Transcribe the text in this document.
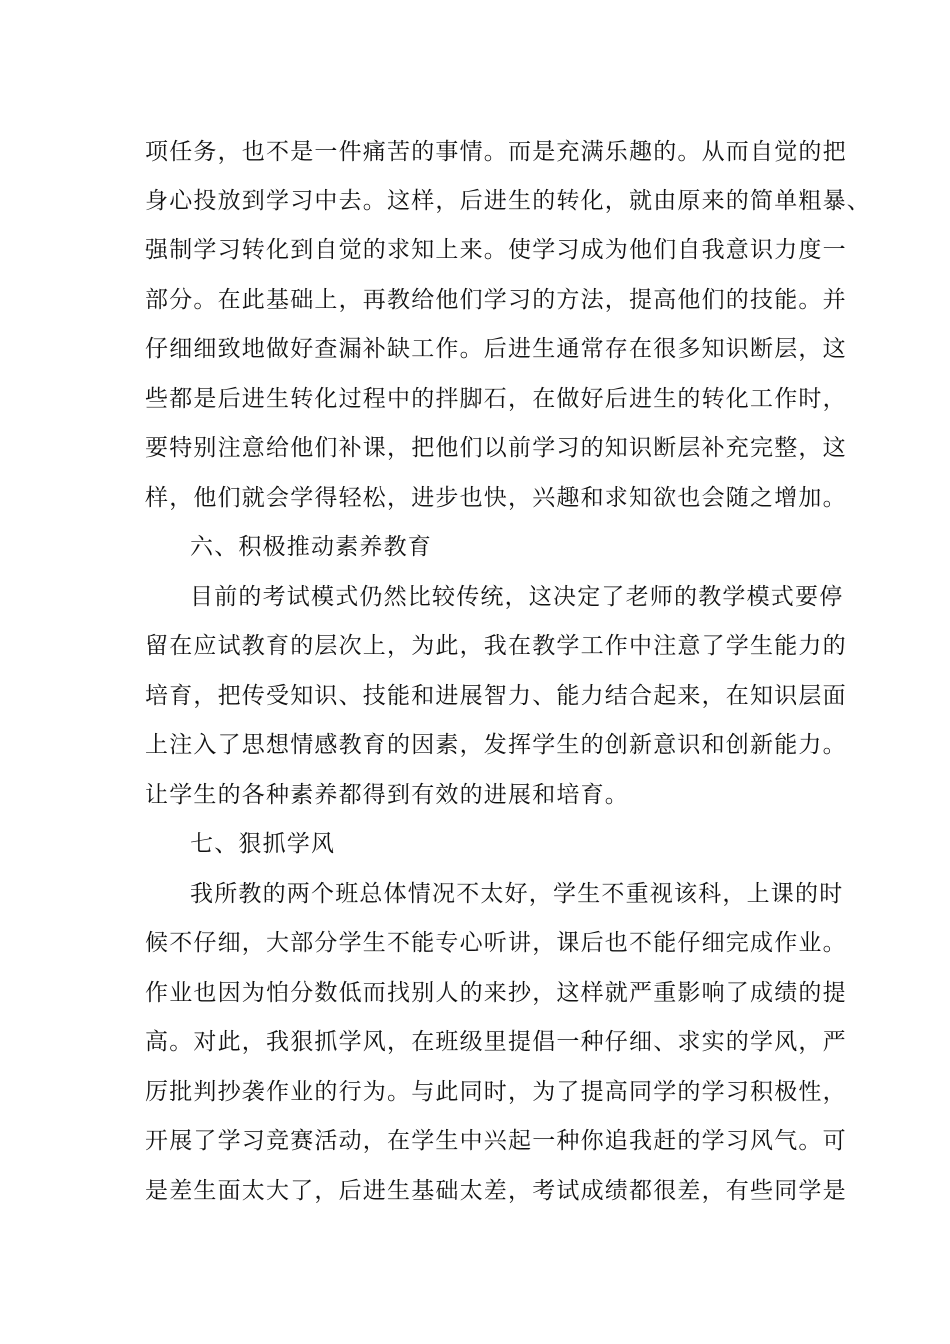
项任务，也不是一件痛苦的事情。而是充满乐趣的。从而自觉的把
身心投放到学习中去。这样，后进生的转化，就由原来的简单粗暴、
强制学习转化到自觉的求知上来。使学习成为他们自我意识力度一
部分。在此基础上，再教给他们学习的方法，提高他们的技能。并
仔细细致地做好查漏补缺工作。后进生通常存在很多知识断层，这
些都是后进生转化过程中的拌脚石，在做好后进生的转化工作时，
要特别注意给他们补课，把他们以前学习的知识断层补充完整，这
样，他们就会学得轻松，进步也快，兴趣和求知欲也会随之增加。
六、积极推动素养教育
目前的考试模式仍然比较传统，这决定了老师的教学模式要停
留在应试教育的层次上，为此，我在教学工作中注意了学生能力的
培育，把传受知识、技能和进展智力、能力结合起来，在知识层面
上注入了思想情感教育的因素，发挥学生的创新意识和创新能力。
让学生的各种素养都得到有效的进展和培育。
七、狠抓学风
我所教的两个班总体情况不太好，学生不重视该科，上课的时
候不仔细，大部分学生不能专心听讲，课后也不能仔细完成作业。
作业也因为怕分数低而找别人的来抄，这样就严重影响了成绩的提
高。对此，我狠抓学风，在班级里提倡一种仔细、求实的学风，严
厉批判抄袭作业的行为。与此同时，为了提高同学的学习积极性，
开展了学习竞赛活动，在学生中兴起一种你追我赶的学习风气。可
是差生面太大了，后进生基础太差，考试成绩都很差，有些同学是
